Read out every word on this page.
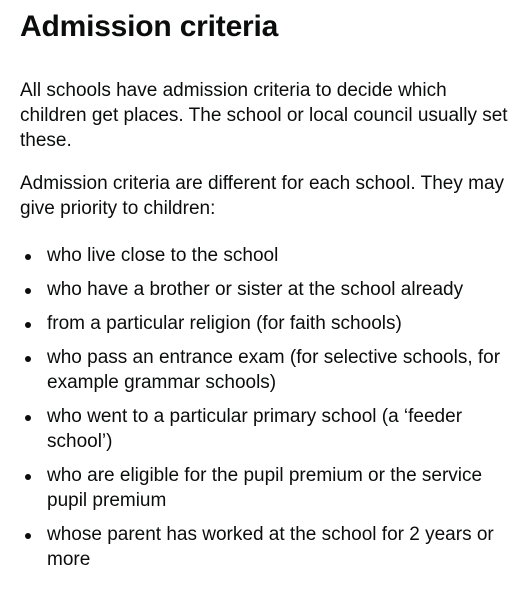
Admission criteria

All schools have admission criteria to decide which children get places. The school or local council usually set these.

Admission criteria are different for each school. They may give priority to children:

who live close to the school
who have a brother or sister at the school already
from a particular religion (for faith schools)
who pass an entrance exam (for selective schools, for example grammar schools)
who went to a particular primary school (a ‘feeder school’)
who are eligible for the pupil premium or the service pupil premium
whose parent has worked at the school for 2 years or more
